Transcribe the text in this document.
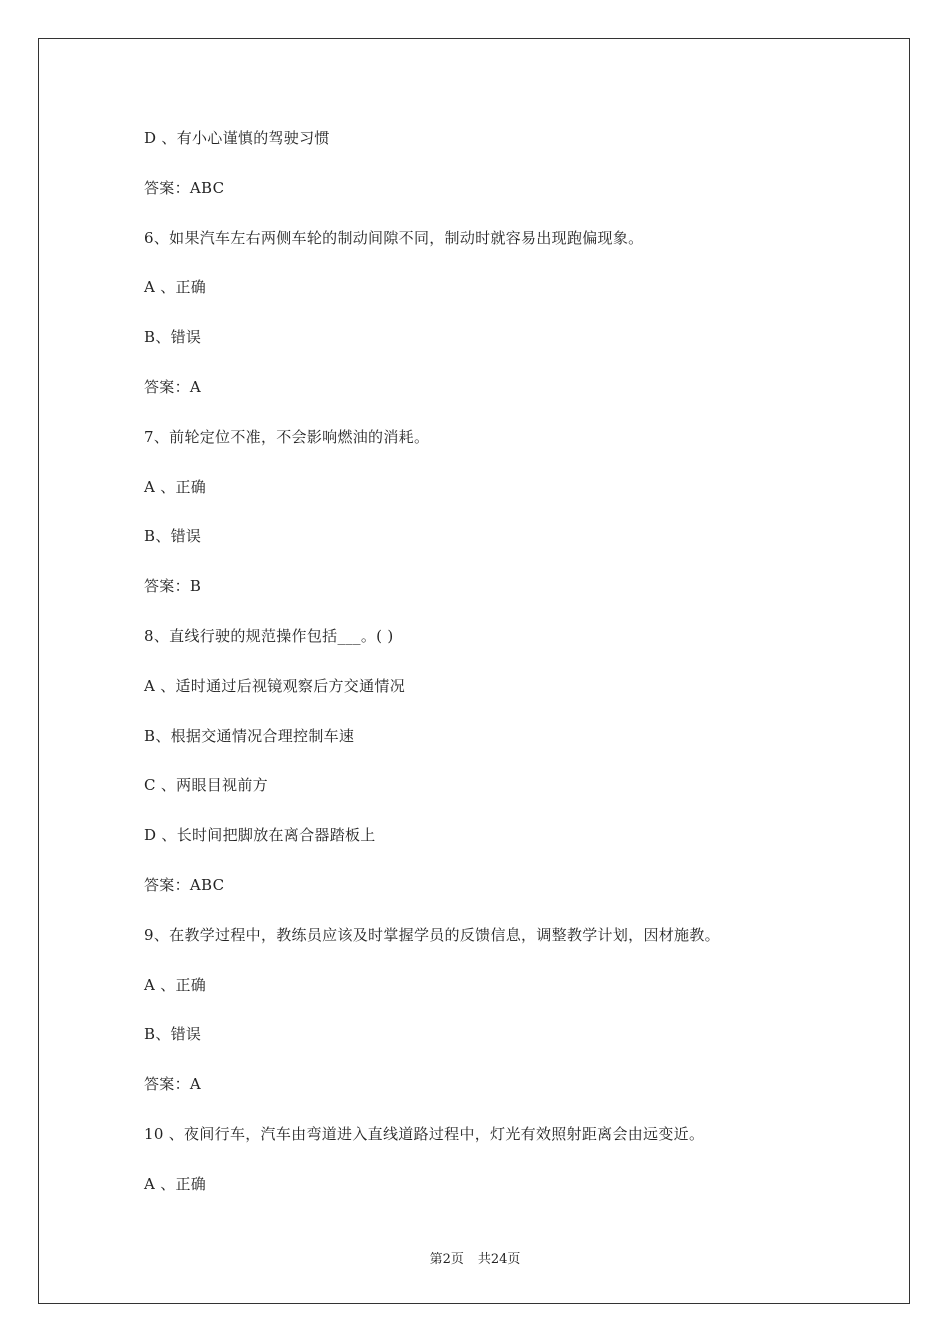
D 、有小心谨慎的驾驶习惯
答案：ABC
6、如果汽车左右两侧车轮的制动间隙不同，制动时就容易出现跑偏现象。
A 、正确
B、错误
答案：A
7、前轮定位不准，不会影响燃油的消耗。
A 、正确
B、错误
答案：B
8、直线行驶的规范操作包括___。( )
A 、适时通过后视镜观察后方交通情况
B、根据交通情况合理控制车速
C 、两眼目视前方
D 、长时间把脚放在离合器踏板上
答案：ABC
9、在教学过程中，教练员应该及时掌握学员的反馈信息，调整教学计划，因材施教。
A 、正确
B、错误
答案：A
10 、夜间行车，汽车由弯道进入直线道路过程中，灯光有效照射距离会由远变近。
A 、正确
第2页 共24页
